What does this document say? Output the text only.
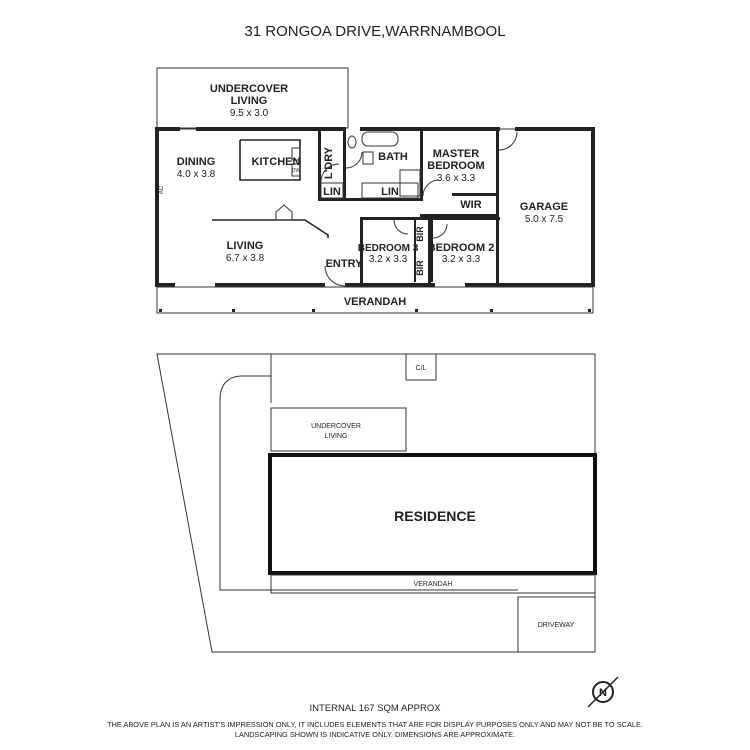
31 RONGOA DRIVE,WARRNAMBOOL
UNDERCOVER
LIVING
9.5 x 3.0
DINING
4.0 x 3.8
KITCHEN L'DRY	BATH MASTER
BEDROOM
3.6 x 3.3
GARAGE
5.0 x 7.5
LIN	LIN
WIR
LIVING
6.7 x 3.8
BEDROOM 3
3.2 x 3.3
BEDROOM 2
3.2 x 3.3
BIR
BIR
ENTRY
VERANDAH
AC
DW
C/L
UNDERCOVER
LIVING
RESIDENCE
VERANDAH
DRIVEWAY
N
INTERNAL 167 SQM APPROX
THE ABOVE PLAN IS AN ARTIST'S IMPRESSION ONLY, IT INCLUDES ELEMENTS THAT ARE FOR DISPLAY PURPOSES ONLY AND MAY NOT BE TO SCALE.
LANDSCAPING SHOWN IS INDICATIVE ONLY. DIMENSIONS ARE APPROXIMATE.
